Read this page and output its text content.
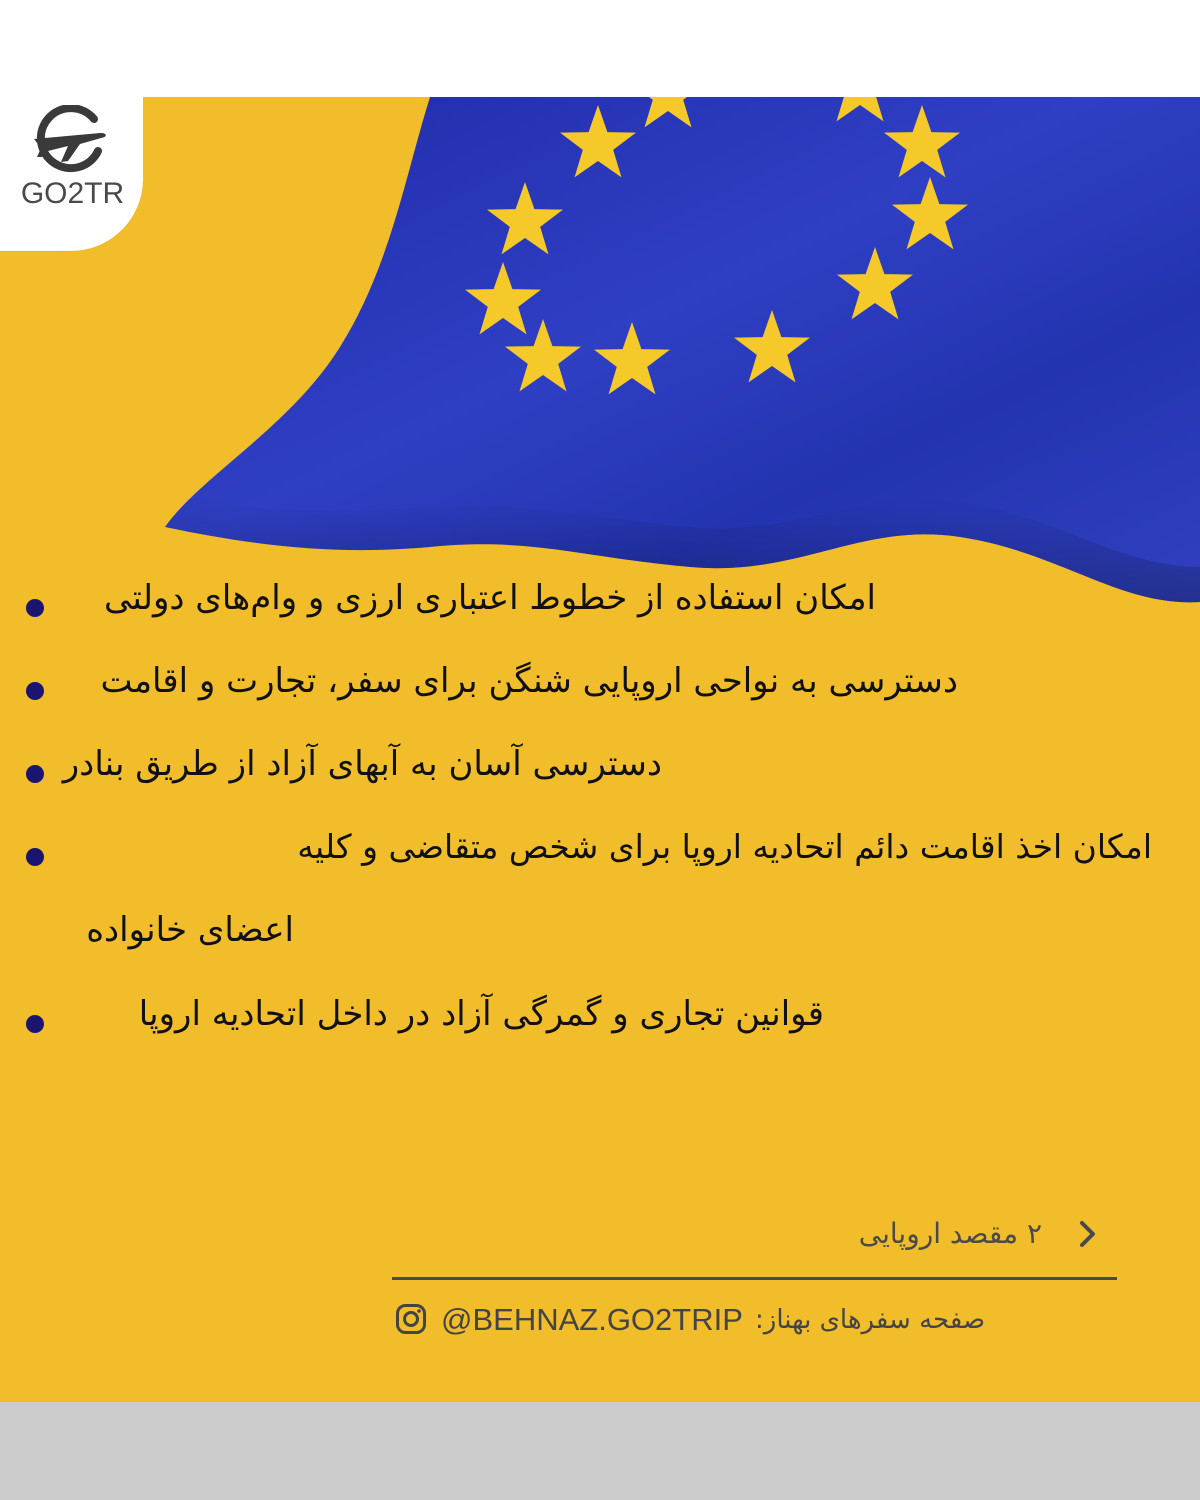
GO2TR
امکان استفاده از خطوط اعتباری ارزی و وام‌های دولتی
دسترسی به نواحی اروپایی شنگن برای سفر، تجارت و اقامت
دسترسی آسان به آبهای آزاد از طریق بنادر
امکان اخذ اقامت دائم اتحادیه اروپا برای شخص متقاضی و کلیه
اعضای خانواده
قوانین تجاری و گمرگی آزاد در داخل اتحادیه اروپا
۲ مقصد اروپایی
@BEHNAZ.GO2TRIP صفحه سفرهای بهناز:
